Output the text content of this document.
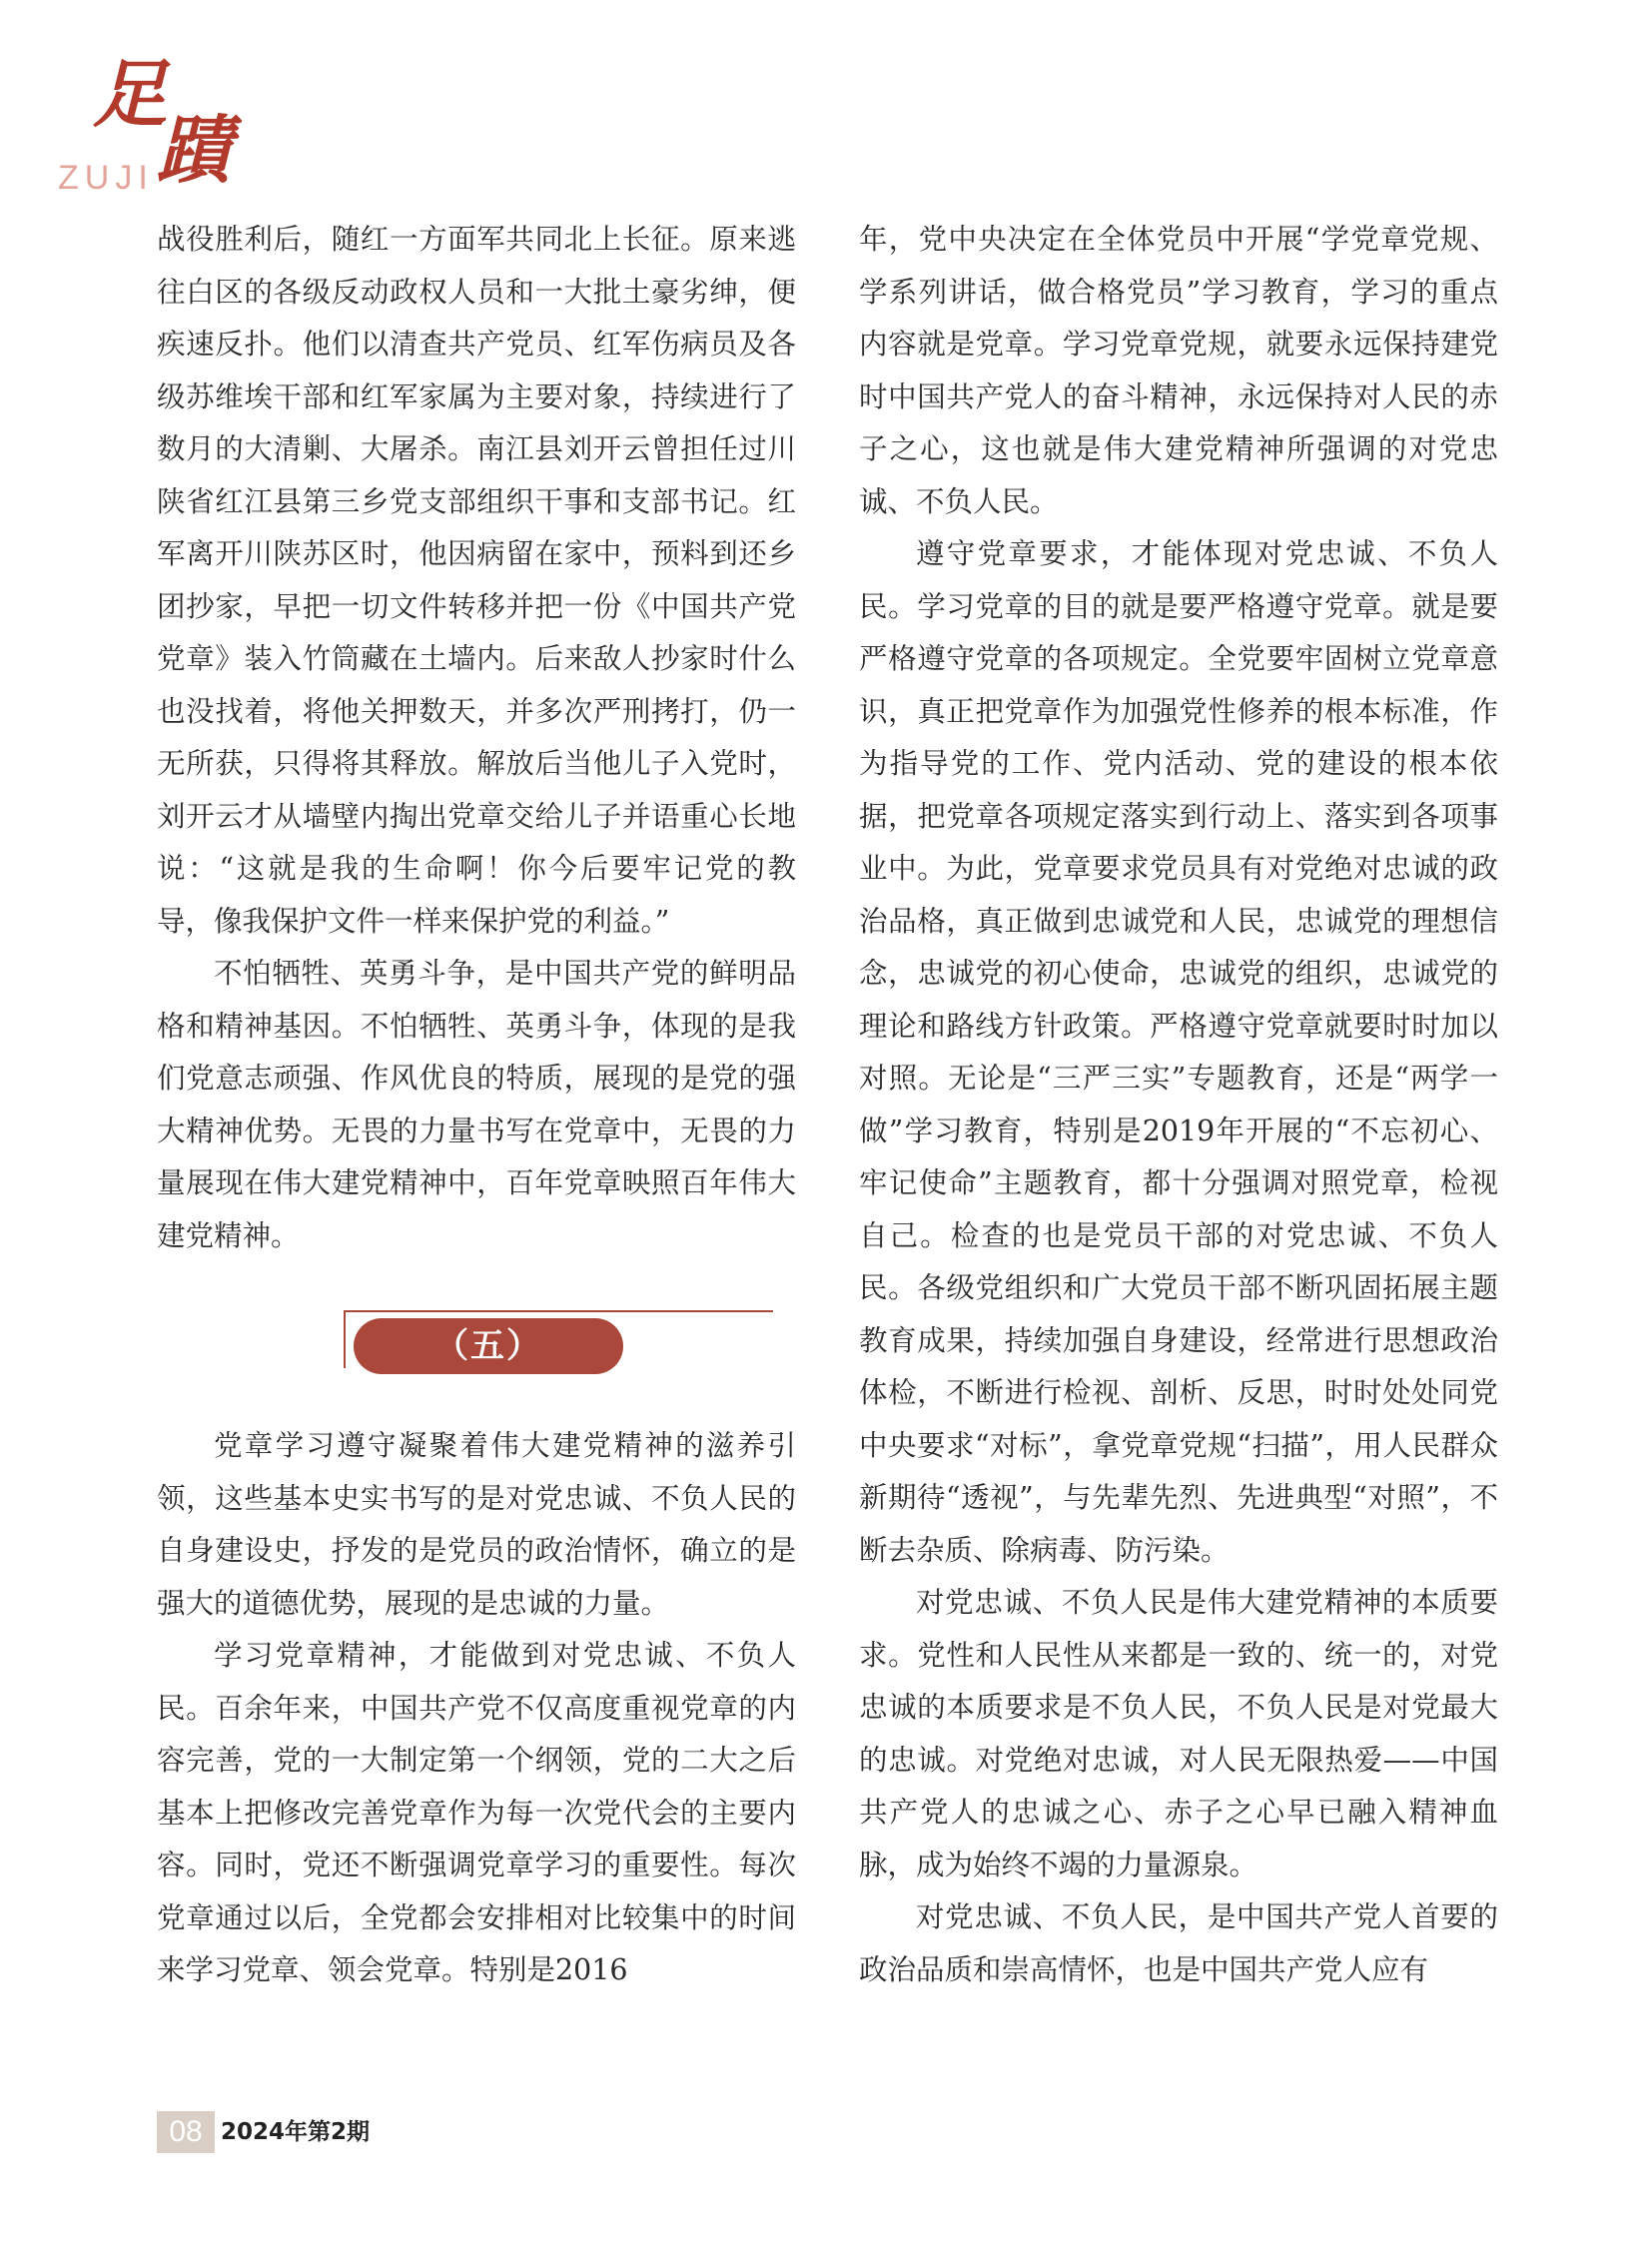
足蹟
ZUJI

战役胜利后，随红一方面军共同北上长征。原来逃往白区的各级反动政权人员和一大批土豪劣绅，便疾速反扑。他们以清查共产党员、红军伤病员及各级苏维埃干部和红军家属为主要对象，持续进行了数月的大清剿、大屠杀。南江县刘开云曾担任过川陕省红江县第三乡党支部组织干事和支部书记。红军离开川陕苏区时，他因病留在家中，预料到还乡团抄家，早把一切文件转移并把一份《中国共产党党章》装入竹筒藏在土墙内。后来敌人抄家时什么也没找着，将他关押数天，并多次严刑拷打，仍一无所获，只得将其释放。解放后当他儿子入党时，刘开云才从墙壁内掏出党章交给儿子并语重心长地说：“这就是我的生命啊！你今后要牢记党的教导，像我保护文件一样来保护党的利益。”

不怕牺牲、英勇斗争，是中国共产党的鲜明品格和精神基因。不怕牺牲、英勇斗争，体现的是我们党意志顽强、作风优良的特质，展现的是党的强大精神优势。无畏的力量书写在党章中，无畏的力量展现在伟大建党精神中，百年党章映照百年伟大建党精神。

（五）

党章学习遵守凝聚着伟大建党精神的滋养引领，这些基本史实书写的是对党忠诚、不负人民的自身建设史，抒发的是党员的政治情怀，确立的是强大的道德优势，展现的是忠诚的力量。

学习党章精神，才能做到对党忠诚、不负人民。百余年来，中国共产党不仅高度重视党章的内容完善，党的一大制定第一个纲领，党的二大之后基本上把修改完善党章作为每一次党代会的主要内容。同时，党还不断强调党章学习的重要性。每次党章通过以后，全党都会安排相对比较集中的时间来学习党章、领会党章。特别是2016

年，党中央决定在全体党员中开展“学党章党规、学系列讲话，做合格党员”学习教育，学习的重点内容就是党章。学习党章党规，就要永远保持建党时中国共产党人的奋斗精神，永远保持对人民的赤子之心，这也就是伟大建党精神所强调的对党忠诚、不负人民。

遵守党章要求，才能体现对党忠诚、不负人民。学习党章的目的就是要严格遵守党章。就是要严格遵守党章的各项规定。全党要牢固树立党章意识，真正把党章作为加强党性修养的根本标准，作为指导党的工作、党内活动、党的建设的根本依据，把党章各项规定落实到行动上、落实到各项事业中。为此，党章要求党员具有对党绝对忠诚的政治品格，真正做到忠诚党和人民，忠诚党的理想信念，忠诚党的初心使命，忠诚党的组织，忠诚党的理论和路线方针政策。严格遵守党章就要时时加以对照。无论是“三严三实”专题教育，还是“两学一做”学习教育，特别是2019年开展的“不忘初心、牢记使命”主题教育，都十分强调对照党章，检视自己。检查的也是党员干部的对党忠诚、不负人民。各级党组织和广大党员干部不断巩固拓展主题教育成果，持续加强自身建设，经常进行思想政治体检，不断进行检视、剖析、反思，时时处处同党中央要求“对标”，拿党章党规“扫描”，用人民群众新期待“透视”，与先辈先烈、先进典型“对照”，不断去杂质、除病毒、防污染。

对党忠诚、不负人民是伟大建党精神的本质要求。党性和人民性从来都是一致的、统一的，对党忠诚的本质要求是不负人民，不负人民是对党最大的忠诚。对党绝对忠诚，对人民无限热爱——中国共产党人的忠诚之心、赤子之心早已融入精神血脉，成为始终不竭的力量源泉。

对党忠诚、不负人民，是中国共产党人首要的政治品质和崇高情怀，也是中国共产党人应有

08 2024年第2期
